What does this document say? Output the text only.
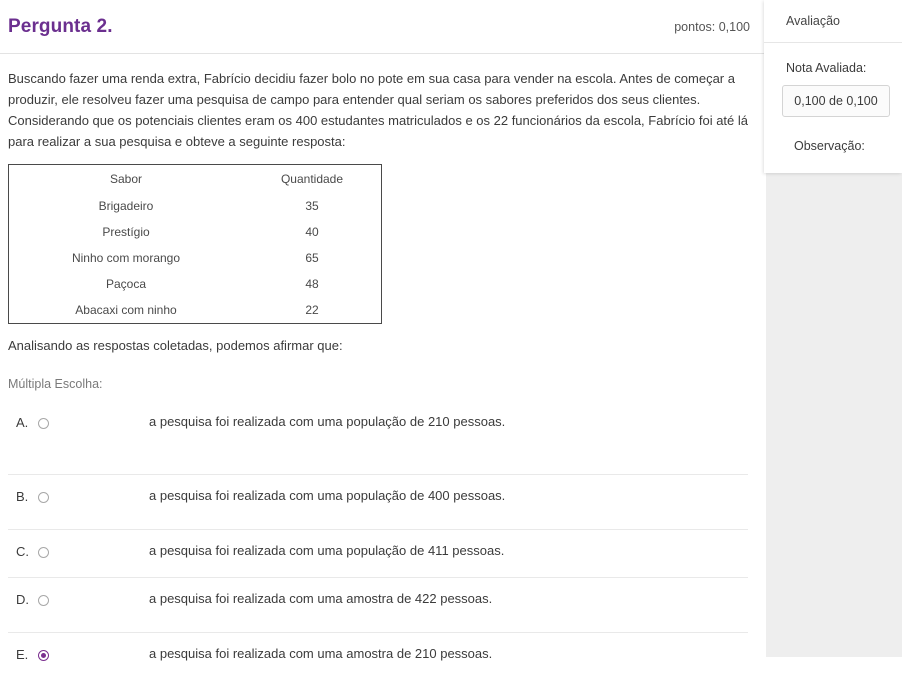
Pergunta 2.	pontos: 0,100
Buscando fazer uma renda extra, Fabrício decidiu fazer bolo no pote em sua casa para vender na escola. Antes de começar a produzir, ele resolveu fazer uma pesquisa de campo para entender qual seriam os sabores preferidos dos seus clientes. Considerando que os potenciais clientes eram os 400 estudantes matriculados e os 22 funcionários da escola, Fabrício foi até lá para realizar a sua pesquisa e obteve a seguinte resposta:
Sabor	Quantidade
Brigadeiro	35
Prestígio	40
Ninho com morango	65
Paçoca	48
Abacaxi com ninho	22
Analisando as respostas coletadas, podemos afirmar que:
Múltipla Escolha:
A.	a pesquisa foi realizada com uma população de 210 pessoas.
B.	a pesquisa foi realizada com uma população de 400 pessoas.
C.	a pesquisa foi realizada com uma população de 411 pessoas.
D.	a pesquisa foi realizada com uma amostra de 422 pessoas.
E.	a pesquisa foi realizada com uma amostra de 210 pessoas.
Avaliação
Nota Avaliada:
0,100 de 0,100
Observação:
